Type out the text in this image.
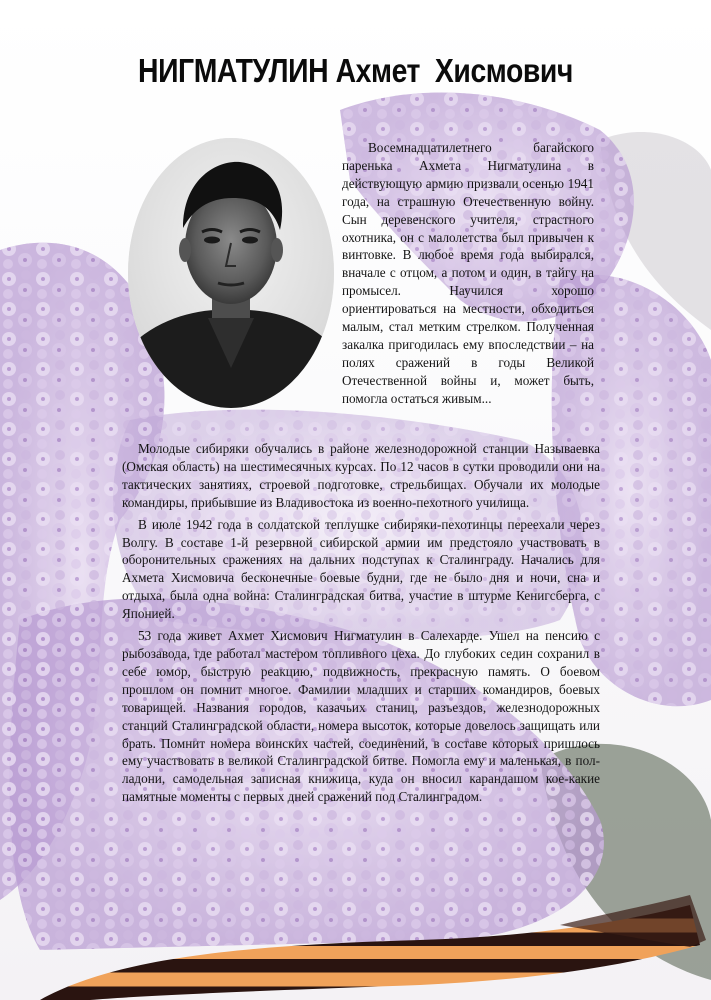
НИГМАТУЛИН Ахмет  Хисмович

Восемнадцатилетнего багайского паренька Ахмета Нигматулина в действующую армию призвали осенью 1941 года, на страшную Отечественную войну. Сын деревенского учителя, страстного охотника, он с малолетства был привычен к винтовке. В любое время года выбирался, вначале с отцом, а потом и один, в тайгу на промысел. Научился хорошо ориентироваться на местности, обходиться малым, стал метким стрелком. Полученная закалка пригодилась ему впоследствии – на полях сражений в годы Великой Отечественной войны и, может быть, помогла остаться живым...

Молодые сибиряки обучались в районе железнодорожной станции Называевка (Омская область) на шестимесячных курсах. По 12 часов в сутки проводили они на тактических занятиях, строевой подготовке, стрельбищах. Обучали их молодые командиры, прибывшие из Владивостока из военно-пехотного училища.

В июле 1942 года в солдатской теплушке сибиряки-пехотинцы переехали через Волгу. В составе 1-й резервной сибирской армии им предстояло участвовать в оборонительных сражениях на дальних подступах к Сталинграду. Начались для Ахмета Хисмовича бесконечные боевые будни, где не было дня и ночи, сна и отдыха, была одна война: Сталинградская битва, участие в штурме Кенигсберга, с Японией.

53 года живет Ахмет Хисмович Нигматулин в Салехарде. Ушел на пенсию с рыбозавода, где работал мастером топливного цеха. До глубоких седин сохранил в себе юмор, быструю реакцию, подвижность, прекрасную память. О боевом прошлом он помнит многое. Фамилии младших и старших командиров, боевых товарищей. Названия городов, казачьих станиц, разъездов, железнодорожных станций Сталинградской области, номера высоток, которые довелось защищать или брать. Помнит номера воинских частей, соединений, в составе которых пришлось ему участвовать в великой Сталинградской битве. Помогла ему и маленькая, в пол-ладони, самодельная записная книжица, куда он вносил карандашом кое-какие памятные моменты с первых дней сражений под Сталинградом.
